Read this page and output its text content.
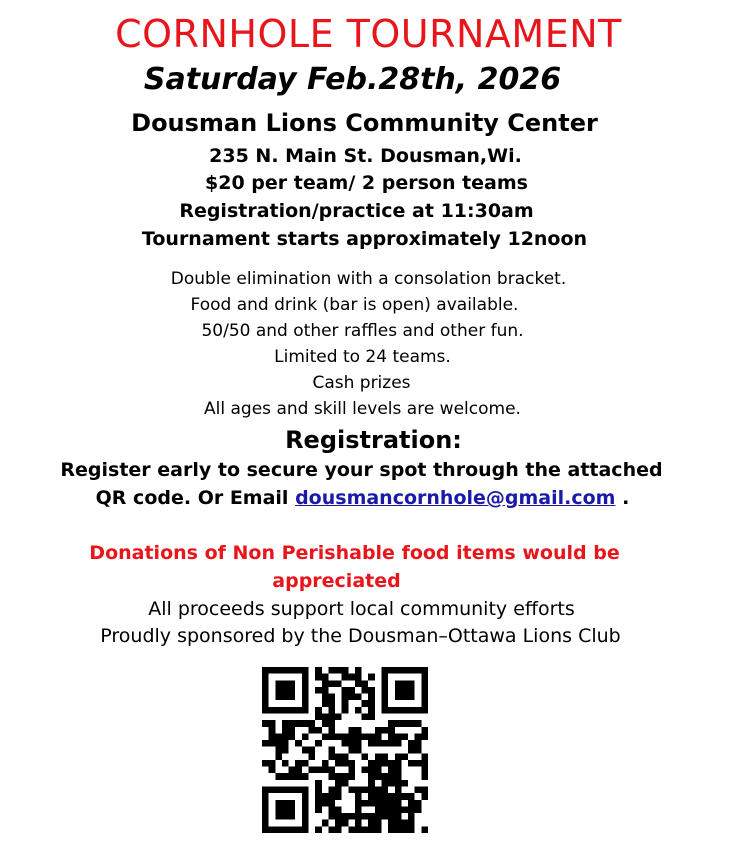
CORNHOLE TOURNAMENT
Saturday Feb.28th, 2026
Dousman Lions Community Center
235 N. Main St. Dousman,Wi.
$20 per team/ 2 person teams
Registration/practice at 11:30am
Tournament starts approximately 12noon
Double elimination with a consolation bracket.
Food and drink (bar is open) available.
50/50 and other raffles and other fun.
Limited to 24 teams.
Cash prizes
All ages and skill levels are welcome.
Registration:
Register early to secure your spot through the attached
QR code. Or Email dousmancornhole@gmail.com .
Donations of Non Perishable food items would be
appreciated
All proceeds support local community efforts
Proudly sponsored by the Dousman–Ottawa Lions Club
